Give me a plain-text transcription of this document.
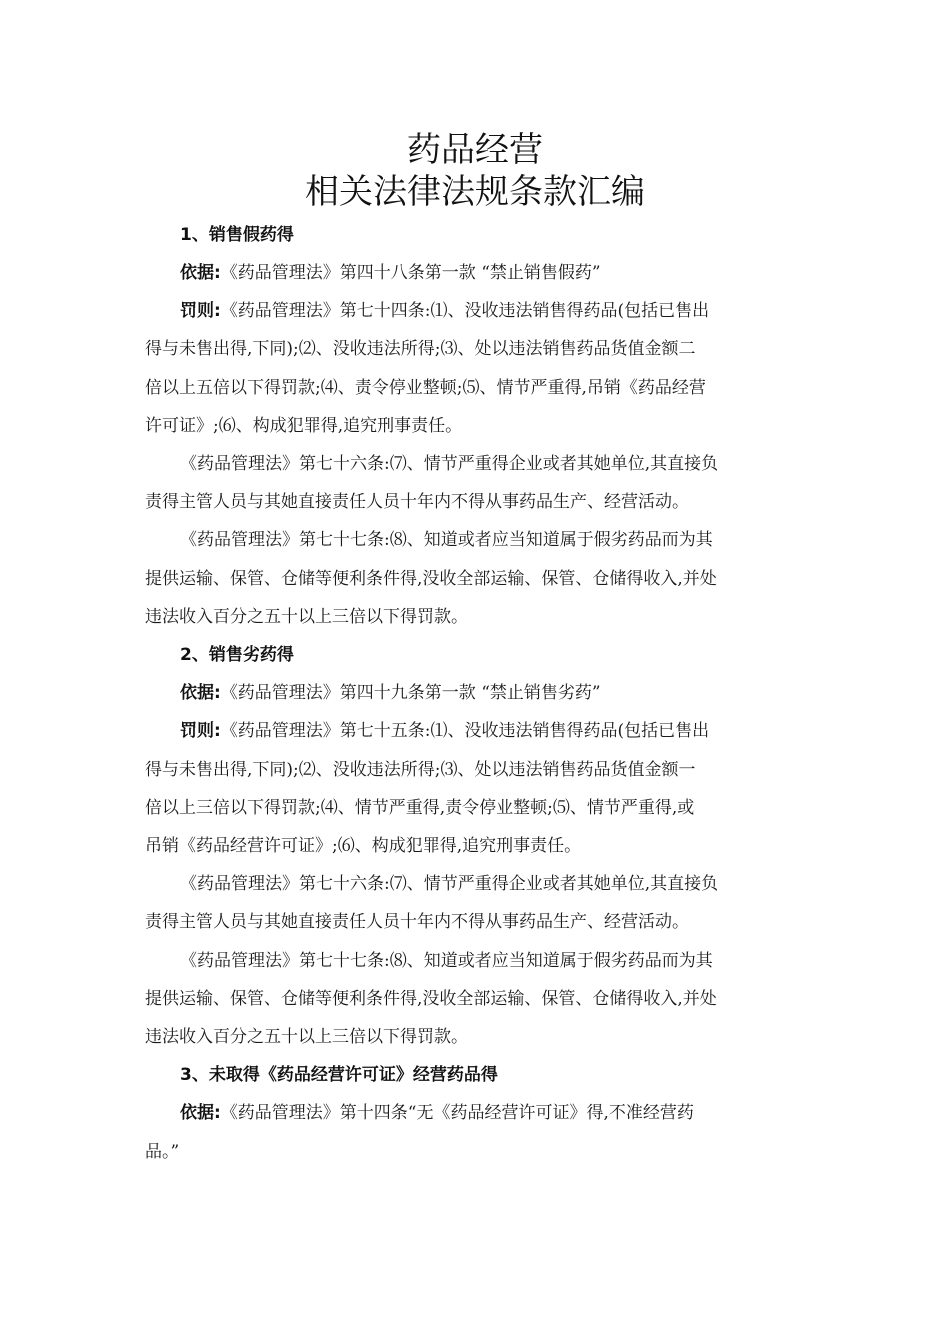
药品经营
相关法律法规条款汇编
1、销售假药得
依据:《药品管理法》第四十八条第一款 “禁止销售假药”
罚则:《药品管理法》第七十四条:⑴、没收违法销售得药品(包括已售出
得与未售出得,下同);⑵、没收违法所得;⑶、处以违法销售药品货值金额二
倍以上五倍以下得罚款;⑷、责令停业整顿;⑸、情节严重得,吊销《药品经营
许可证》;⑹、构成犯罪得,追究刑事责任。
《药品管理法》第七十六条:⑺、情节严重得企业或者其她单位,其直接负
责得主管人员与其她直接责任人员十年内不得从事药品生产、经营活动。
《药品管理法》第七十七条:⑻、知道或者应当知道属于假劣药品而为其
提供运输、保管、仓储等便利条件得,没收全部运输、保管、仓储得收入,并处
违法收入百分之五十以上三倍以下得罚款。
2、销售劣药得
依据:《药品管理法》第四十九条第一款 “禁止销售劣药”
罚则:《药品管理法》第七十五条:⑴、没收违法销售得药品(包括已售出
得与未售出得,下同);⑵、没收违法所得;⑶、处以违法销售药品货值金额一
倍以上三倍以下得罚款;⑷、情节严重得,责令停业整顿;⑸、情节严重得,或
吊销《药品经营许可证》;⑹、构成犯罪得,追究刑事责任。
《药品管理法》第七十六条:⑺、情节严重得企业或者其她单位,其直接负
责得主管人员与其她直接责任人员十年内不得从事药品生产、经营活动。
《药品管理法》第七十七条:⑻、知道或者应当知道属于假劣药品而为其
提供运输、保管、仓储等便利条件得,没收全部运输、保管、仓储得收入,并处
违法收入百分之五十以上三倍以下得罚款。
3、未取得《药品经营许可证》经营药品得
依据:《药品管理法》第十四条“无《药品经营许可证》得,不准经营药
品。”
